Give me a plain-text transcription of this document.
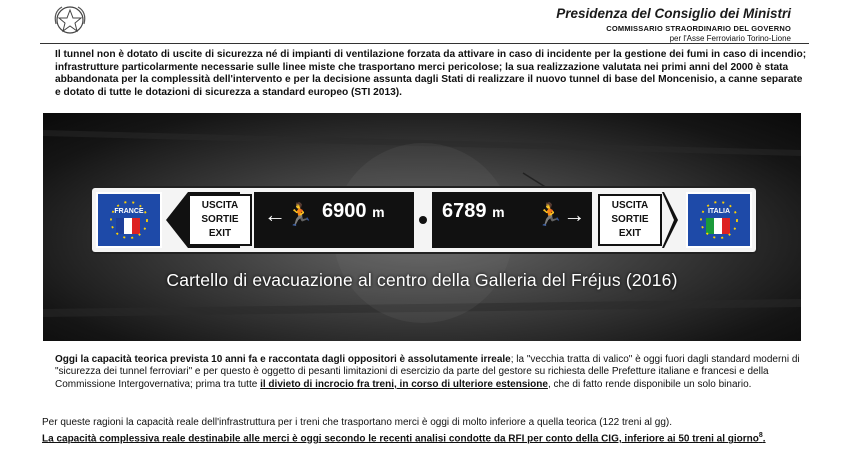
Presidenza del Consiglio dei Ministri
COMMISSARIO STRAORDINARIO DEL GOVERNO
per l'Asse Ferroviario Torino-Lione
Il tunnel non è dotato di uscite di sicurezza né di impianti di ventilazione forzata da attivare in caso di incidente per la gestione dei fumi in caso di incendio; infrastrutture particolarmente necessarie sulle linee miste che trasportano merci pericolose; la sua realizzazione valutata nei primi anni del 2000 è stata abbandonata per la complessità dell'intervento e per la decisione assunta dagli Stati di realizzare il nuovo tunnel di base del Moncenisio, a canne separate e dotato di tutte le dotazioni di sicurezza a standard europeo (STI 2013).
FRANCE
USCITA
SORTIE
EXIT
←🏃 6900 m	6789 m 🏃→	USCITA
SORTIE
EXIT
ITALIA
Cartello di evacuazione al centro della Galleria del Fréjus (2016)
Oggi la capacità teorica prevista 10 anni fa e raccontata dagli oppositori è assolutamente irreale; la "vecchia tratta di valico" è oggi fuori dagli standard moderni di "sicurezza dei tunnel ferroviari" e per questo è oggetto di pesanti limitazioni di esercizio da parte del gestore su richiesta delle Prefetture italiane e francesi e della Commissione Intergovernativa; prima tra tutte il divieto di incrocio fra treni, in corso di ulteriore estensione, che di fatto rende disponibile un solo binario.
Per queste ragioni la capacità reale dell'infrastruttura per i treni che trasportano merci è oggi di molto inferiore a quella teorica (122 treni al gg).
La capacità complessiva reale destinabile alle merci è oggi secondo le recenti analisi condotte da RFI per conto della CIG, inferiore ai 50 treni al giorno$^8$.
